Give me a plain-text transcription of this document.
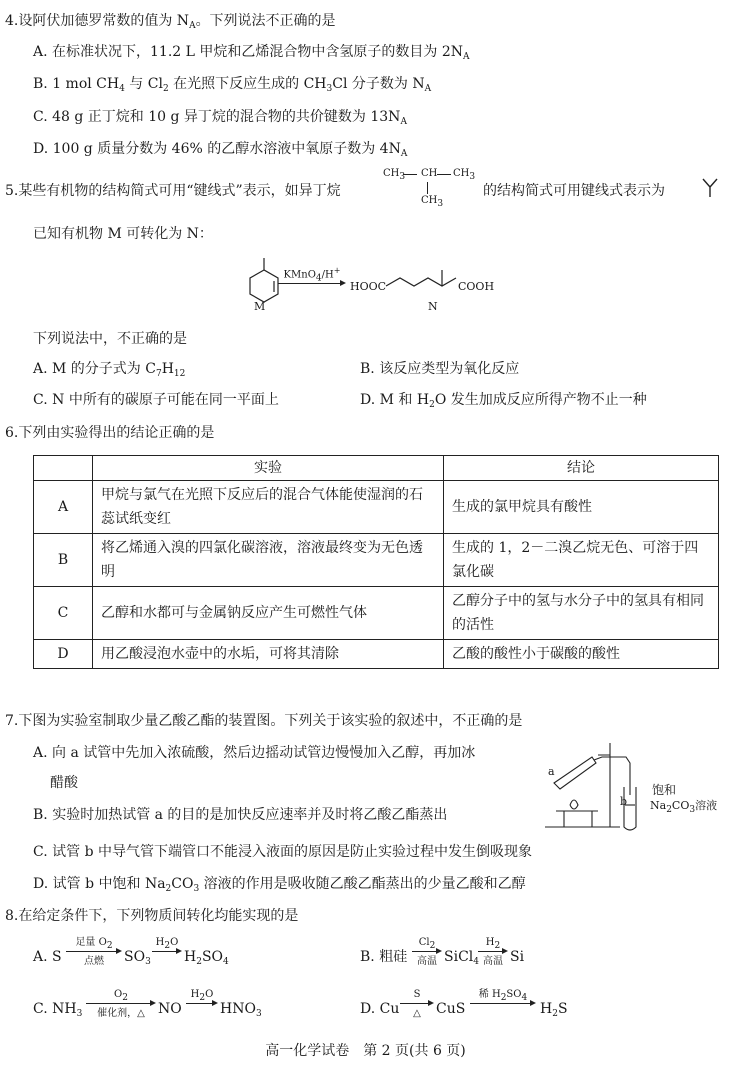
4.设阿伏加德罗常数的值为 $N_A$。下列说法不正确的是
A. 在标准状况下，11.2 L 甲烷和乙烯混合物中含氢原子的数目为 $2N_A$
B. 1 mol $CH_4$ 与 $Cl_2$ 在光照下反应生成的 $CH_3Cl$ 分子数为 $N_A$
C. 48 g 正丁烷和 10 g 异丁烷的混合物的共价键数为 $13N_A$
D. 100 g 质量分数为 46% 的乙醇水溶液中氧原子数为 $4N_A$
5.某些有机物的结构简式可用“键线式”表示，如异丁烷
$CH_3$ CH $CH_3$
$CH_3$
的结构简式可用键线式表示为
已知有机物 M 可转化为 N：
M
KMnO$_4$/H+
HOOC	COOH
N
下列说法中，不正确的是
A. M 的分子式为 $C_7H_{12}$	B. 该反应类型为氧化反应
C. N 中所有的碳原子可能在同一平面上	D. M 和 $H_2O$ 发生加成反应所得产物不止一种
6.下列由实验得出的结论正确的是
	实验	结论
A	甲烷与氯气在光照下反应后的混合气体能使湿润的石蕊试纸变红	生成的氯甲烷具有酸性
B	将乙烯通入溴的四氯化碳溶液，溶液最终变为无色透明	生成的 1，2－二溴乙烷无色、可溶于四氯化碳
C	乙醇和水都可与金属钠反应产生可燃性气体	乙醇分子中的氢与水分子中的氢具有相同的活性
D	用乙酸浸泡水壶中的水垢，可将其清除	乙酸的酸性小于碳酸的酸性
7.下图为实验室制取少量乙酸乙酯的装置图。下列关于该实验的叙述中，不正确的是
A. 向 a 试管中先加入浓硫酸，然后边摇动试管边慢慢加入乙醇，再加冰
醋酸
B. 实验时加热试管 a 的目的是加快反应速率并及时将乙酸乙酯蒸出
C. 试管 b 中导气管下端管口不能浸入液面的原因是防止实验过程中发生倒吸现象
D. 试管 b 中饱和 $Na_2CO_3$ 溶液的作用是吸收随乙酸乙酯蒸出的少量乙酸和乙醇
a
b
饱和
$Na_2CO_3$溶液
8.在给定条件下，下列物质间转化均能实现的是
A. S
足量 $O_2$
点燃	$SO_3$
$H_2O$
$H_2SO_4$	B. 粗硅
$Cl_2$
高温 SiCl$_4$
$H_2$
高温 Si
C. $NH_3$
$O_2$
催化剂，△ NO
$H_2O$
$HNO_3$	D. Cu
S
△	CuS
稀 $H_2SO_4$
$H_2S$
高一化学试卷　第 2 页(共 6 页)
